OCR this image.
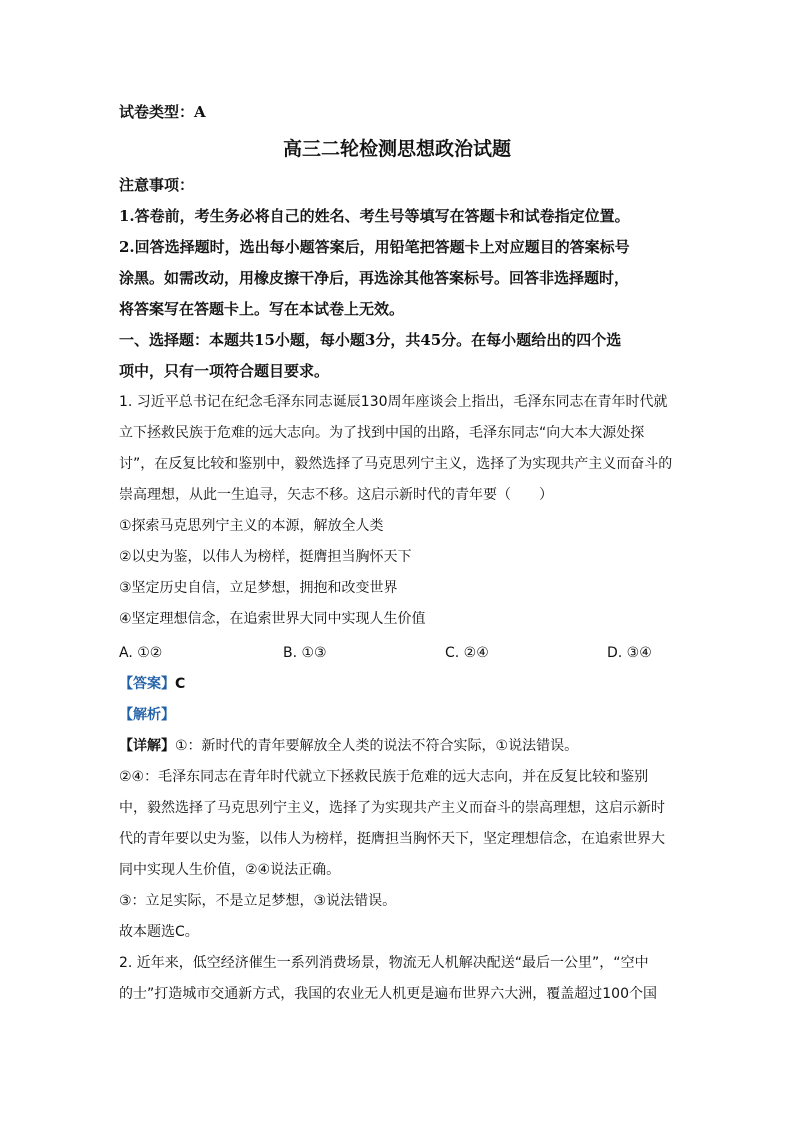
试卷类型：A
高三二轮检测思想政治试题
注意事项：
1.答卷前，考生务必将自己的姓名、考生号等填写在答题卡和试卷指定位置。
2.回答选择题时，选出每小题答案后，用铅笔把答题卡上对应题目的答案标号
涂黑。如需改动，用橡皮擦干净后，再选涂其他答案标号。回答非选择题时，
将答案写在答题卡上。写在本试卷上无效。
一、选择题：本题共15小题，每小题3分，共45分。在每小题给出的四个选
项中，只有一项符合题目要求。
1. 习近平总书记在纪念毛泽东同志诞辰130周年座谈会上指出，毛泽东同志在青年时代就
立下拯救民族于危难的远大志向。为了找到中国的出路，毛泽东同志“向大本大源处探
讨”，在反复比较和鉴别中，毅然选择了马克思列宁主义，选择了为实现共产主义而奋斗的
崇高理想，从此一生追寻，矢志不移。这启示新时代的青年要（　　）
①探索马克思列宁主义的本源，解放全人类
②以史为鉴，以伟人为榜样，挺膺担当胸怀天下
③坚定历史自信，立足梦想，拥抱和改变世界
④坚定理想信念，在追索世界大同中实现人生价值
A. ①②	B. ①③	C. ②④	D. ③④
【答案】C
【解析】
【详解】①：新时代的青年要解放全人类的说法不符合实际，①说法错误。
②④：毛泽东同志在青年时代就立下拯救民族于危难的远大志向，并在反复比较和鉴别
中，毅然选择了马克思列宁主义，选择了为实现共产主义而奋斗的崇高理想，这启示新时
代的青年要以史为鉴，以伟人为榜样，挺膺担当胸怀天下，坚定理想信念，在追索世界大
同中实现人生价值，②④说法正确。
③：立足实际，不是立足梦想，③说法错误。
故本题选C。
2. 近年来，低空经济催生一系列消费场景，物流无人机解决配送“最后一公里”，“空中
的士”打造城市交通新方式，我国的农业无人机更是遍布世界六大洲，覆盖超过100个国
